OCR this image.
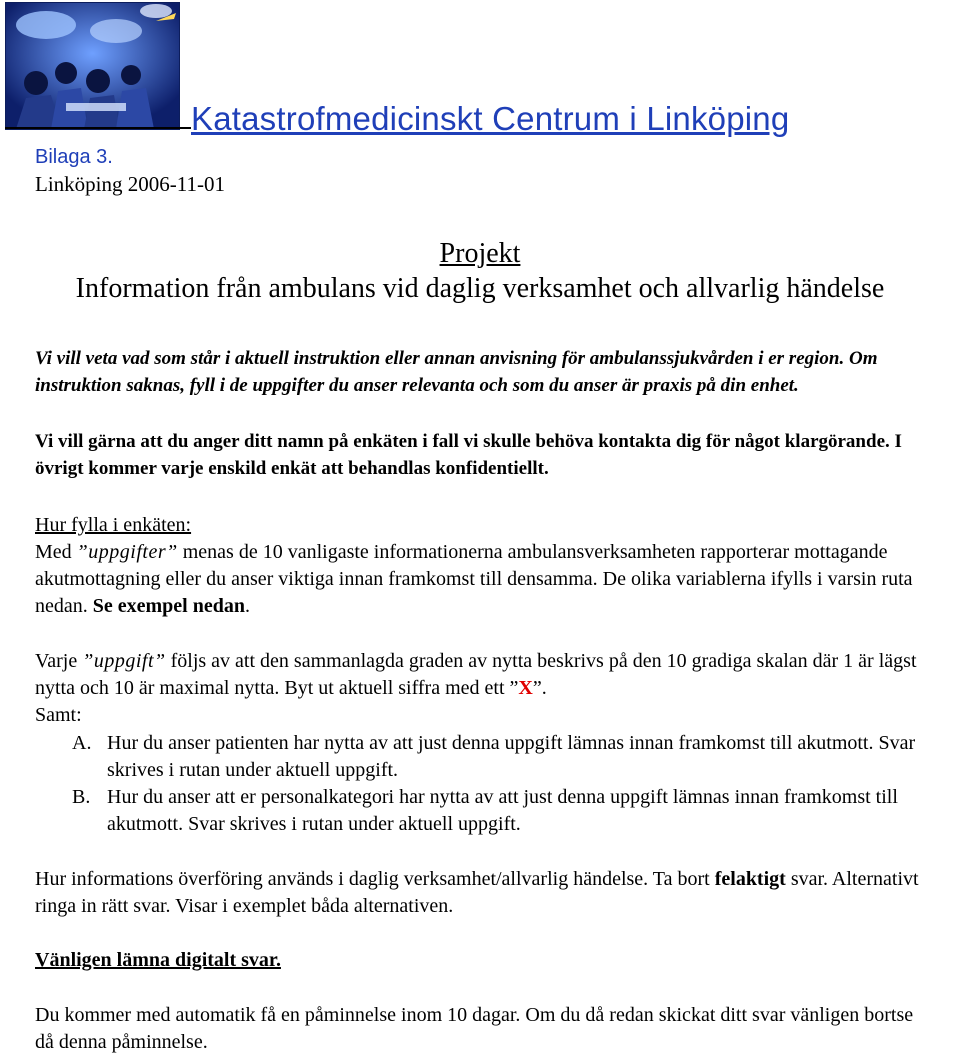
Katastrofmedicinskt Centrum i Linköping
Bilaga 3.
Linköping 2006-11-01
Projekt
Information från ambulans vid daglig verksamhet och allvarlig händelse
Vi vill veta vad som står i aktuell instruktion eller annan anvisning för ambulanssjukvården i er region. Om instruktion saknas, fyll i de uppgifter du anser relevanta och som du anser är praxis på din enhet.
Vi vill gärna att du anger ditt namn på enkäten i fall vi skulle behöva kontakta dig för något klargörande. I övrigt kommer varje enskild enkät att behandlas konfidentiellt.
Hur fylla i enkäten:
Med ”uppgifter” menas de 10 vanligaste informationerna ambulansverksamheten rapporterar mottagande akutmottagning eller du anser viktiga innan framkomst till densamma. De olika variablerna ifylls i varsin ruta nedan. Se exempel nedan.
Varje ”uppgift” följs av att den sammanlagda graden av nytta beskrivs på den 10 gradiga skalan där 1 är lägst nytta och 10 är maximal nytta. Byt ut aktuell siffra med ett ”X”.
Samt:
A. Hur du anser patienten har nytta av att just denna uppgift lämnas innan framkomst till akutmott. Svar skrives i rutan under aktuell uppgift.
B. Hur du anser att er personalkategori har nytta av att just denna uppgift lämnas innan framkomst till akutmott. Svar skrives i rutan under aktuell uppgift.
Hur informations överföring används i daglig verksamhet/allvarlig händelse. Ta bort felaktigt svar. Alternativt ringa in rätt svar. Visar i exemplet båda alternativen.
Vänligen lämna digitalt svar.
Du kommer med automatik få en påminnelse inom 10 dagar. Om du då redan skickat ditt svar vänligen bortse då denna påminnelse.
